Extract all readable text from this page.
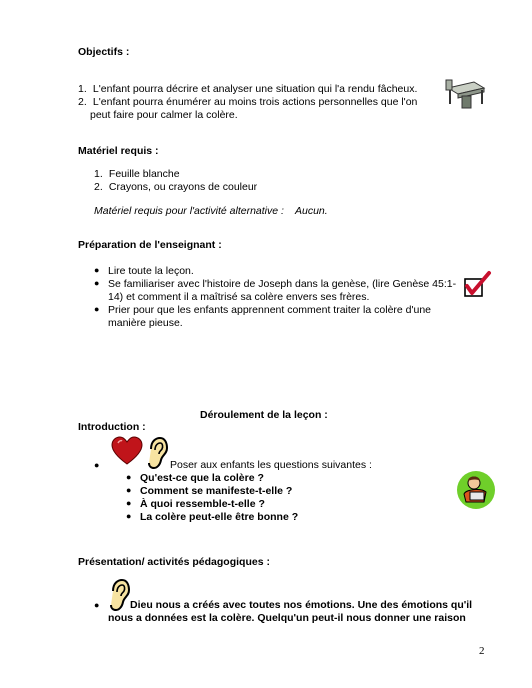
Objectifs :
1. L'enfant pourra décrire et analyser une situation qui l'a rendu fâcheux.
2. L'enfant pourra énumérer au moins trois actions personnelles que l'on
peut faire pour calmer la colère.
Matériel requis :
1. Feuille blanche
2. Crayons, ou crayons de couleur
Matériel requis pour l'activité alternative : Aucun.
Préparation de l'enseignant :
● Lire toute la leçon.
● Se familiariser avec l'histoire de Joseph dans la genèse, (lire Genèse 45:1-
14) et comment il a maîtrisé sa colère envers ses frères.
● Prier pour que les enfants apprennent comment traiter la colère d'une
manière pieuse.
Déroulement de la leçon :
Introduction :
●	Poser aux enfants les questions suivantes :
● Qu'est-ce que la colère ?
● Comment se manifeste-t-elle ?
● À quoi ressemble-t-elle ?
● La colère peut-elle être bonne ?
Présentation/ activités pédagogiques :
●	Dieu nous a créés avec toutes nos émotions. Une des émotions qu'il
nous a données est la colère. Quelqu'un peut-il nous donner une raison
2
